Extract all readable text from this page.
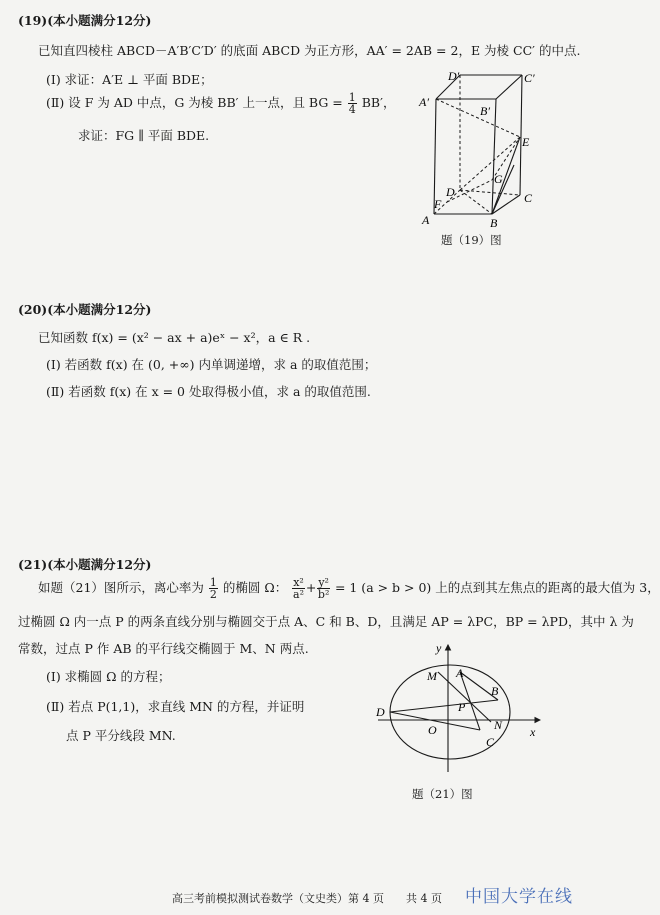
(19)(本小题满分12分)
已知直四棱柱 ABCD－A′B′C′D′ 的底面 ABCD 为正方形，AA′ = 2AB = 2，E 为棱 CC′ 的中点.
(Ⅰ) 求证：A′E ⊥ 平面 BDE；
(Ⅱ) 设 F 为 AD 中点，G 为棱 BB′ 上一点，且 BG = $\frac{1}{4} BB'$，
求证：FG ∥ 平面 BDE.
D′	C′
A′
B′
E
G
D	C
F
A	B
题（19）图
(20)(本小题满分12分)
已知函数 f(x) = (x² − ax + a)eˣ − x²，a ∈ R .
(Ⅰ) 若函数 f(x) 在 (0, +∞) 内单调递增，求 a 的取值范围；
(Ⅱ) 若函数 f(x) 在 x = 0 处取得极小值，求 a 的取值范围.
(21)(本小题满分12分)
如题（21）图所示，离心率为 $\frac{1}{2}$ 的椭圆 Ω： $\frac{\text{x²}}{\text{a²}} + \frac{\text{y²}}{\text{b²}} = 1$ (a > b > 0) 上的点到其左焦点的距离的最大值为 3，
过椭圆 Ω 内一点 P 的两条直线分别与椭圆交于点 A、C 和 B、D，且满足 AP = λPC，BP = λPD，其中 λ 为
常数，过点 P 作 AB 的平行线交椭圆于 M、N 两点.
(Ⅰ) 求椭圆 Ω 的方程；
(Ⅱ) 若点 P(1,1)，求直线 MN 的方程，并证明
点 P 平分线段 MN.
M A
B
P
D
O	N
C
y
x
题（21）图
高三考前模拟测试卷数学（文史类）第 4 页　　共 4 页 中国大学在线
